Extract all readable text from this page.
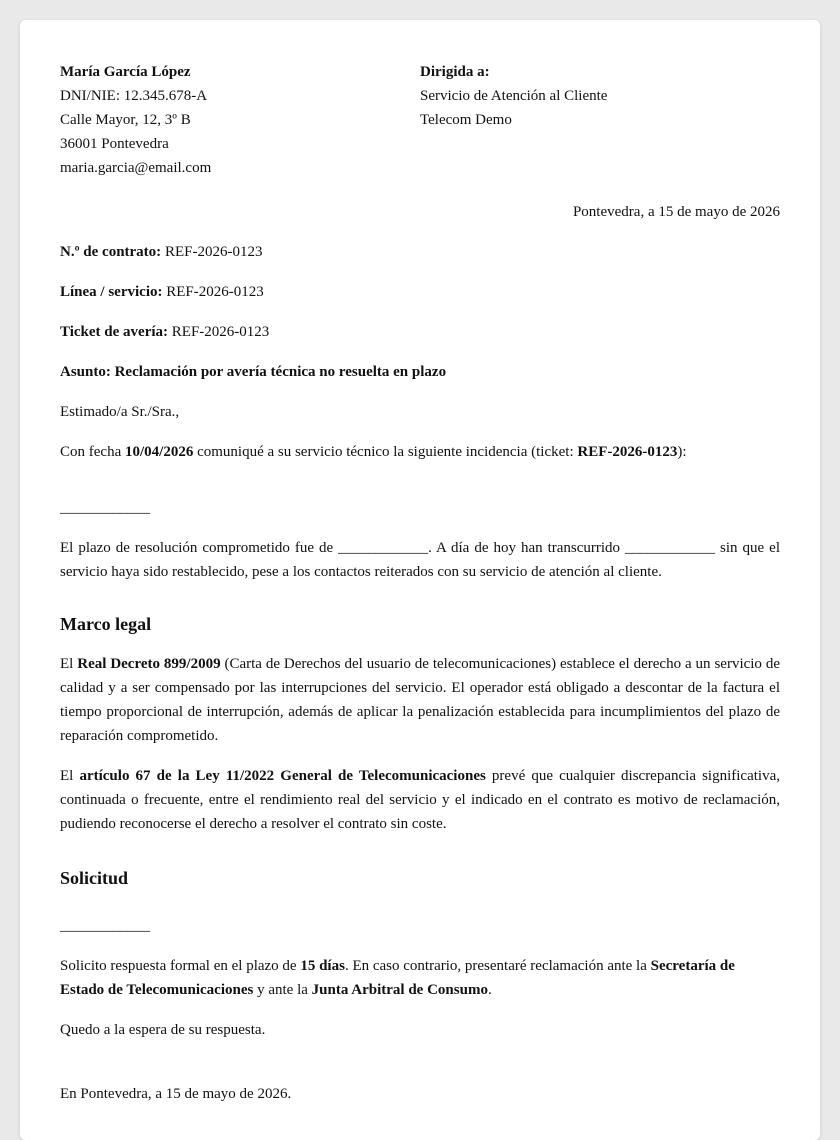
María García López
DNI/NIE: 12.345.678-A
Calle Mayor, 12, 3º B
36001 Pontevedra
maria.garcia@email.com
Dirigida a:
Servicio de Atención al Cliente
Telecom Demo

Pontevedra, a 15 de mayo de 2026

N.º de contrato: REF-2026-0123

Línea / servicio: REF-2026-0123

Ticket de avería: REF-2026-0123

Asunto: Reclamación por avería técnica no resuelta en plazo

Estimado/a Sr./Sra.,

Con fecha 10/04/2026 comuniqué a su servicio técnico la siguiente incidencia (ticket: REF-2026-0123):

____________

El plazo de resolución comprometido fue de ____________. A día de hoy han transcurrido ____________ sin que el servicio haya sido restablecido, pese a los contactos reiterados con su servicio de atención al cliente.

Marco legal

El Real Decreto 899/2009 (Carta de Derechos del usuario de telecomunicaciones) establece el derecho a un servicio de calidad y a ser compensado por las interrupciones del servicio. El operador está obligado a descontar de la factura el tiempo proporcional de interrupción, además de aplicar la penalización establecida para incumplimientos del plazo de reparación comprometido.

El artículo 67 de la Ley 11/2022 General de Telecomunicaciones prevé que cualquier discrepancia significativa, continuada o frecuente, entre el rendimiento real del servicio y el indicado en el contrato es motivo de reclamación, pudiendo reconocerse el derecho a resolver el contrato sin coste.

Solicitud

____________

Solicito respuesta formal en el plazo de 15 días. En caso contrario, presentaré reclamación ante la Secretaría de Estado de Telecomunicaciones y ante la Junta Arbitral de Consumo.

Quedo a la espera de su respuesta.

En Pontevedra, a 15 de mayo de 2026.
